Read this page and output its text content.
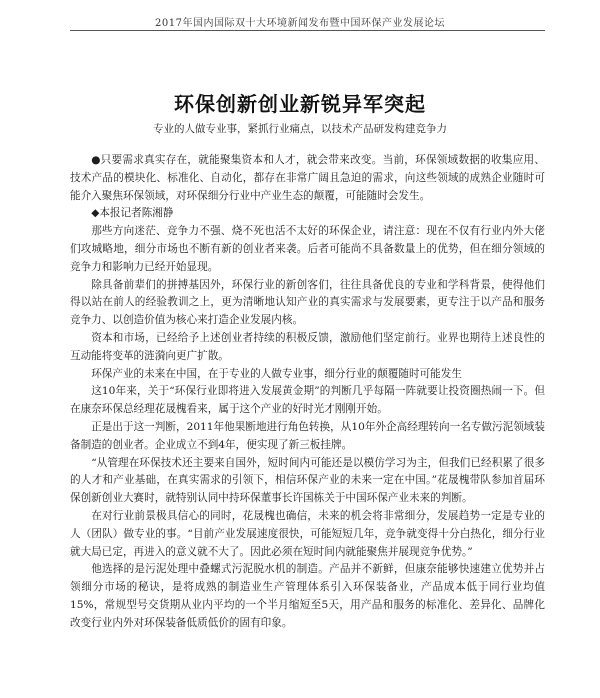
2017年国内国际双十大环境新闻发布暨中国环保产业发展论坛
环保创新创业新锐异军突起
专业的人做专业事，紧抓行业痛点，以技术产品研发构建竞争力

●只要需求真实存在，就能聚集资本和人才，就会带来改变。当前，环保领域数据的收集应用、技术产品的模块化、标准化、自动化，都存在非常广阔且急迫的需求，向这些领域的成熟企业随时可能介入聚焦环保领域，对环保细分行业中产业生态的颠覆，可能随时会发生。

◆本报记者陈湘静

那些方向迷茫、竞争力不强、烧不死也活不太好的环保企业，请注意：现在不仅有行业内外大佬们攻城略地，细分市场也不断有新的创业者来袭。后者可能尚不具备数量上的优势，但在细分领域的竞争力和影响力已经开始显现。

除具备前辈们的拼搏基因外，环保行业的新创客们，往往具备优良的专业和学科背景，使得他们得以站在前人的经验教训之上，更为清晰地认知产业的真实需求与发展要素，更专注于以产品和服务竞争力、以创造价值为核心来打造企业发展内核。

资本和市场，已经给予上述创业者持续的积极反馈，激励他们坚定前行。业界也期待上述良性的互动能将变革的涟漪向更广扩散。

环保产业的未来在中国，在于专业的人做专业事，细分行业的颠覆随时可能发生

这10年来，关于“环保行业即将进入发展黄金期”的判断几乎每隔一阵就要让投资圈热闹一下。但在康奈环保总经理花晟槐看来，属于这个产业的好时光才刚刚开始。

正是出于这一判断，2011年他果断地进行角色转换，从10年外企高经理转向一名专做污泥领域装备制造的创业者。企业成立不到4年，便实现了新三板挂牌。

“从管理在环保技术还主要来自国外，短时间内可能还是以模仿学习为主，但我们已经积累了很多的人才和产业基础，在真实需求的引领下，相信环保产业的未来一定在中国。”花晟槐带队参加首届环保创新创业大赛时，就特别认同中持环保董事长许国栋关于中国环保产业未来的判断。

在对行业前景极具信心的同时，花晟槐也确信，未来的机会将非常细分，发展趋势一定是专业的人（团队）做专业的事。“目前产业发展速度很快，可能短短几年，竞争就变得十分白热化，细分行业就大局已定，再进入的意义就不大了。因此必须在短时间内就能聚焦并展现竞争优势。”

他选择的是污泥处理中叠螺式污泥脱水机的制造。产品并不新鲜，但康奈能够快速建立优势并占领细分市场的秘诀，是将成熟的制造业生产管理体系引入环保装备业，产品成本低于同行业均值15%，常规型号交货期从业内平均的一个半月缩短至5天，用产品和服务的标准化、差异化、品牌化改变行业内外对环保装备低质低价的固有印象。
